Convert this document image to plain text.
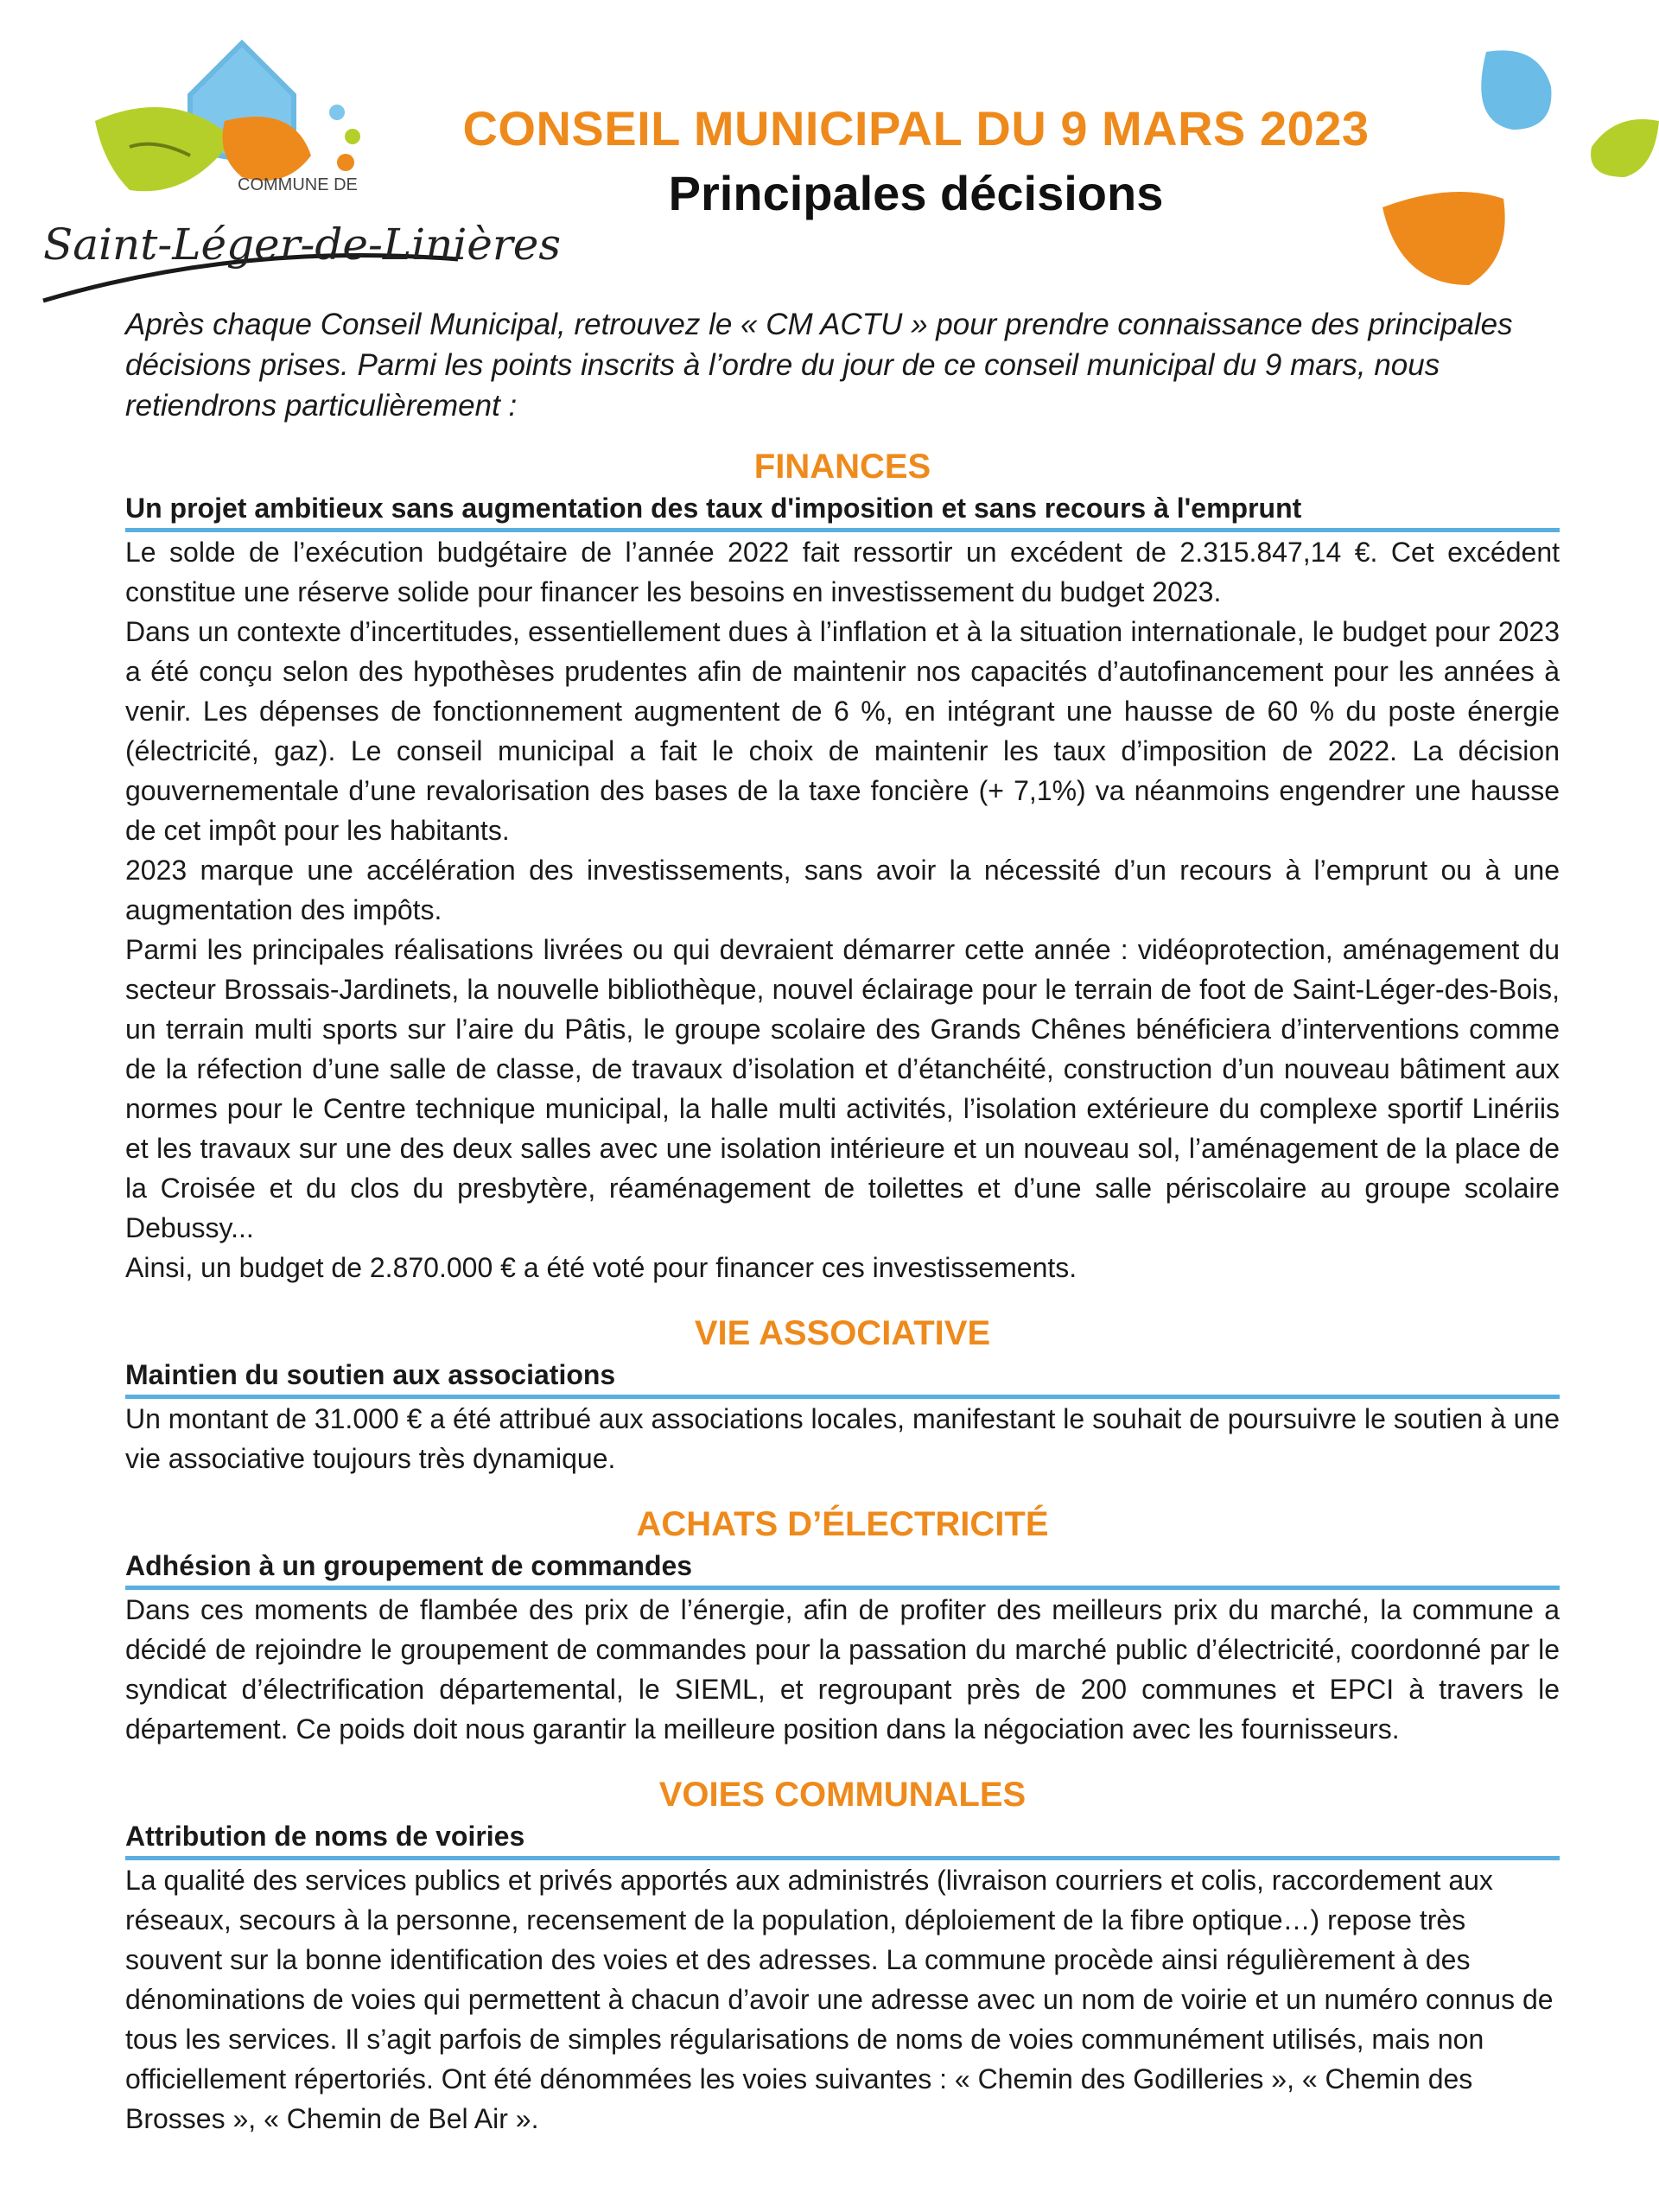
COMMUNE DE
Saint-Léger-de-Linières
CONSEIL MUNICIPAL DU 9 MARS 2023
Principales décisions

Après chaque Conseil Municipal, retrouvez le « CM ACTU » pour prendre connaissance des principales décisions prises. Parmi les points inscrits à l’ordre du jour de ce conseil municipal du 9 mars, nous retiendrons particulièrement :

FINANCES

Un projet ambitieux sans augmentation des taux d'imposition et sans recours à l'emprunt

Le solde de l’exécution budgétaire de l’année 2022 fait ressortir un excédent de 2.315.847,14 €. Cet excédent constitue une réserve solide pour financer les besoins en investissement du budget 2023.

Dans un contexte d’incertitudes, essentiellement dues à l’inflation et à la situation internationale, le budget pour 2023 a été conçu selon des hypothèses prudentes afin de maintenir nos capacités d’autofinancement pour les années à venir. Les dépenses de fonctionnement augmentent de 6 %, en intégrant une hausse de 60 % du poste énergie (électricité, gaz). Le conseil municipal a fait le choix de maintenir les taux d’imposition de 2022. La décision gouvernementale d’une revalorisation des bases de la taxe foncière (+ 7,1%) va néanmoins engendrer une hausse de cet impôt pour les habitants.

2023 marque une accélération des investissements, sans avoir la nécessité d’un recours à l’emprunt ou à une augmentation des impôts.

Parmi les principales réalisations livrées ou qui devraient démarrer cette année : vidéoprotection, aménagement du secteur Brossais-Jardinets, la nouvelle bibliothèque, nouvel éclairage pour le terrain de foot de Saint-Léger-des-Bois, un terrain multi sports sur l’aire du Pâtis, le groupe scolaire des Grands Chênes bénéficiera d’interventions comme de la réfection d’une salle de classe, de travaux d’isolation et d’étanchéité, construction d’un nouveau bâtiment aux normes pour le Centre technique municipal, la halle multi activités, l’isolation extérieure du complexe sportif Linériis et les travaux sur une des deux salles avec une isolation intérieure et un nouveau sol, l’aménagement de la place de la Croisée et du clos du presbytère, réaménagement de toilettes et d’une salle périscolaire au groupe scolaire Debussy...

Ainsi, un budget de 2.870.000 € a été voté pour financer ces investissements.

VIE ASSOCIATIVE

Maintien du soutien aux associations

Un montant de 31.000 € a été attribué aux associations locales, manifestant le souhait de poursuivre le soutien à une vie associative toujours très dynamique.

ACHATS D’ÉLECTRICITÉ

Adhésion à un groupement de commandes

Dans ces moments de flambée des prix de l’énergie, afin de profiter des meilleurs prix du marché, la commune a décidé de rejoindre le groupement de commandes pour la passation du marché public d’électricité, coordonné par le syndicat d’électrification départemental, le SIEML, et regroupant près de 200 communes et EPCI à travers le département. Ce poids doit nous garantir la meilleure position dans la négociation avec les fournisseurs.

VOIES COMMUNALES

Attribution de noms de voiries

La qualité des services publics et privés apportés aux administrés (livraison courriers et colis, raccordement aux réseaux, secours à la personne, recensement de la population, déploiement de la fibre optique…) repose très souvent sur la bonne identification des voies et des adresses. La commune procède ainsi régulièrement à des dénominations de voies qui permettent à chacun d’avoir une adresse avec un nom de voirie et un numéro connus de tous les services. Il s’agit parfois de simples régularisations de noms de voies communément utilisés, mais non officiellement répertoriés. Ont été dénommées les voies suivantes : « Chemin des Godilleries », « Chemin des Brosses », « Chemin de Bel Air ».
